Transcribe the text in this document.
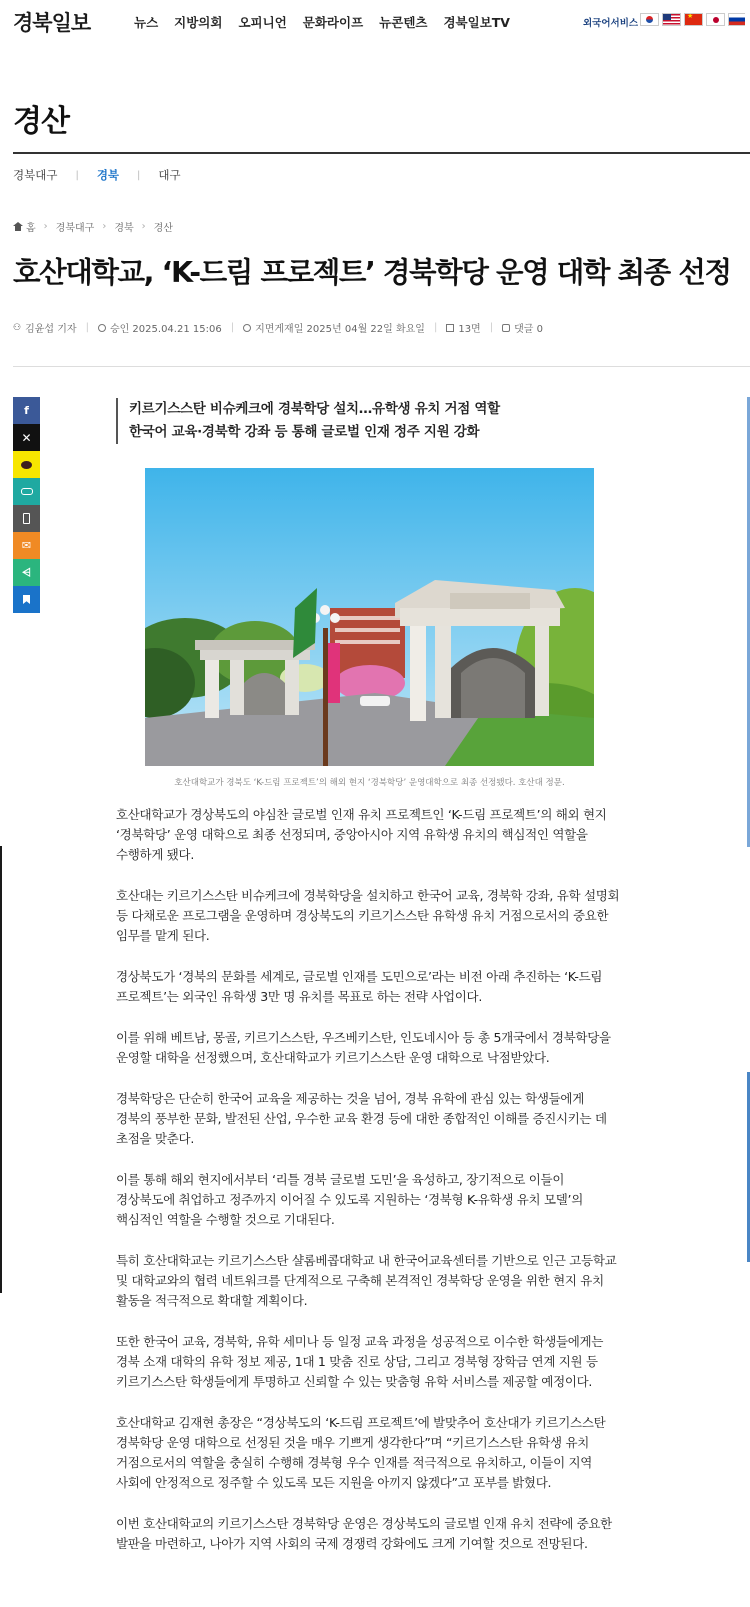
경북일보	뉴스 지방의회 오피니언 문화라이프 뉴콘텐츠 경북일보TV	외국어서비스
★
경산
경북대구 | 경북 | 대구
홈 › 경북대구 › 경북 › 경산
호산대학교, ‘K-드림 프로젝트’ 경북학당 운영 대학 최종 선정
⚇ 김윤섭 기자 | 승인 2025.04.21 15:06 | 지면게재일 2025년 04월 22일 화요일 | 13면 | 댓글 0
f
✕
✉
⩤
키르기스스탄 비슈케크에 경북학당 설치…유학생 유치 거점 역할
한국어 교육·경북학 강좌 등 통해 글로벌 인재 정주 지원 강화
호산대학교가 경북도 ‘K-드림 프로젝트’의 해외 현지 ‘경북학당’ 운영대학으로 최종 선정됐다. 호산대 정문.

호산대학교가 경상북도의 야심찬 글로벌 인재 유치 프로젝트인 ‘K-드림 프로젝트’의 해외 현지 ‘경북학당’ 운영 대학으로 최종 선정되며, 중앙아시아 지역 유학생 유치의 핵심적인 역할을 수행하게 됐다.

호산대는 키르기스스탄 비슈케크에 경북학당을 설치하고 한국어 교육, 경북학 강좌, 유학 설명회 등 다채로운 프로그램을 운영하며 경상북도의 키르기스스탄 유학생 유치 거점으로서의 중요한 임무를 맡게 된다.

경상북도가 ‘경북의 문화를 세계로, 글로벌 인재를 도민으로’라는 비전 아래 추진하는 ‘K-드림 프로젝트’는 외국인 유학생 3만 명 유치를 목표로 하는 전략 사업이다.

이를 위해 베트남, 몽골, 키르기스스탄, 우즈베키스탄, 인도네시아 등 총 5개국에서 경북학당을 운영할 대학을 선정했으며, 호산대학교가 키르기스스탄 운영 대학으로 낙점받았다.

경북학당은 단순히 한국어 교육을 제공하는 것을 넘어, 경북 유학에 관심 있는 학생들에게 경북의 풍부한 문화, 발전된 산업, 우수한 교육 환경 등에 대한 종합적인 이해를 증진시키는 데 초점을 맞춘다.

이를 통해 해외 현지에서부터 ‘리틀 경북 글로벌 도민’을 육성하고, 장기적으로 이들이 경상북도에 취업하고 정주까지 이어질 수 있도록 지원하는 ‘경북형 K-유학생 유치 모델’의 핵심적인 역할을 수행할 것으로 기대된다.

특히 호산대학교는 키르기스스탄 샬롬베콥대학교 내 한국어교육센터를 기반으로 인근 고등학교 및 대학교와의 협력 네트워크를 단계적으로 구축해 본격적인 경북학당 운영을 위한 현지 유치 활동을 적극적으로 확대할 계획이다.

또한 한국어 교육, 경북학, 유학 세미나 등 일정 교육 과정을 성공적으로 이수한 학생들에게는 경북 소재 대학의 유학 정보 제공, 1대 1 맞춤 진로 상담, 그리고 경북형 장학금 연계 지원 등 키르기스스탄 학생들에게 투명하고 신뢰할 수 있는 맞춤형 유학 서비스를 제공할 예정이다.

호산대학교 김재현 총장은 “경상북도의 ‘K-드림 프로젝트’에 발맞추어 호산대가 키르기스스탄 경북학당 운영 대학으로 선정된 것을 매우 기쁘게 생각한다”며 “키르기스스탄 유학생 유치 거점으로서의 역할을 충실히 수행해 경북형 우수 인재를 적극적으로 유치하고, 이들이 지역 사회에 안정적으로 정주할 수 있도록 모든 지원을 아끼지 않겠다”고 포부를 밝혔다.

이번 호산대학교의 키르기스스탄 경북학당 운영은 경상북도의 글로벌 인재 유치 전략에 중요한 발판을 마련하고, 나아가 지역 사회의 국제 경쟁력 강화에도 크게 기여할 것으로 전망된다.
